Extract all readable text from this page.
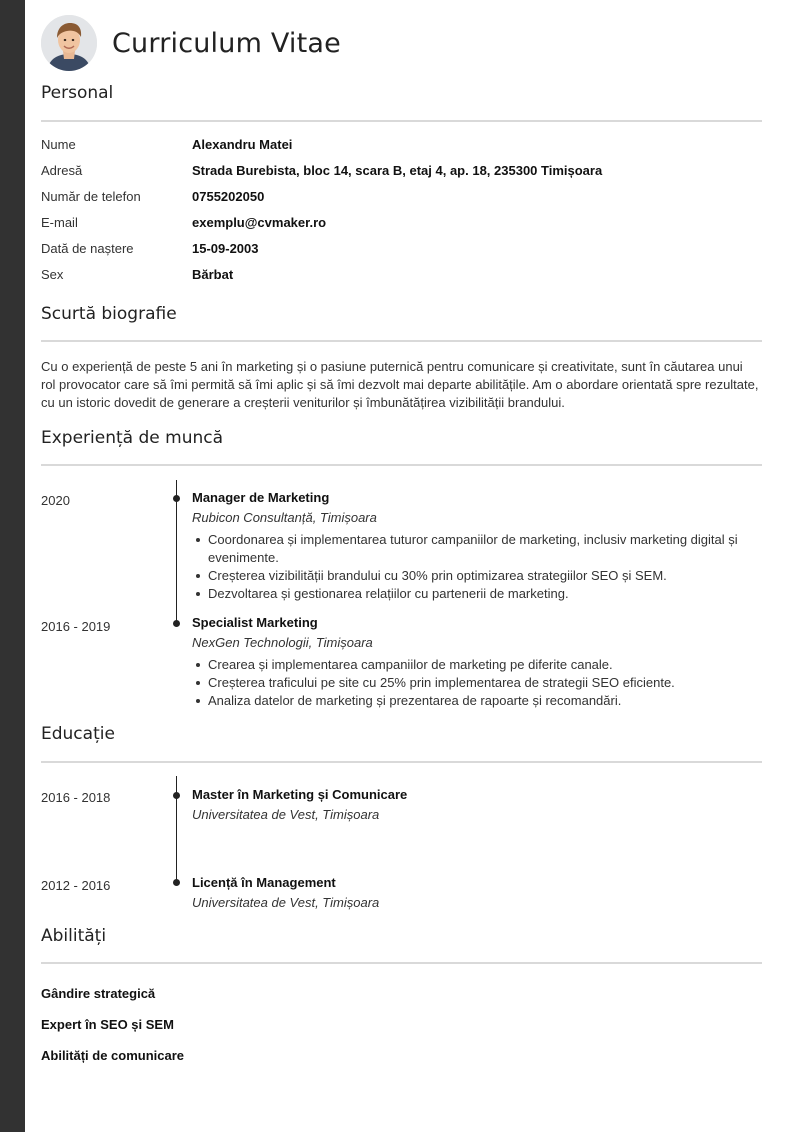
Curriculum Vitae
Personal
Nume	Alexandru Matei
Adresă	Strada Burebista, bloc 14, scara B, etaj 4, ap. 18, 235300 Timișoara
Număr de telefon	0755202050
E-mail	exemplu@cvmaker.ro
Dată de naștere	15-09-2003
Sex	Bărbat
Scurtă biografie
Cu o experiență de peste 5 ani în marketing și o pasiune puternică pentru comunicare și creativitate, sunt în căutarea unui rol provocator care să îmi permită să îmi aplic și să îmi dezvolt mai departe abilitățile. Am o abordare orientată spre rezultate, cu un istoric dovedit de generare a creșterii veniturilor și îmbunătățirea vizibilității brandului.
Experiență de muncă
2020	Manager de Marketing
Rubicon Consultanță, Timișoara
Coordonarea și implementarea tuturor campaniilor de marketing, inclusiv marketing digital și evenimente.
Creșterea vizibilității brandului cu 30% prin optimizarea strategiilor SEO și SEM.
Dezvoltarea și gestionarea relațiilor cu partenerii de marketing.
2016 - 2019	Specialist Marketing
NexGen Technologii, Timișoara
Crearea și implementarea campaniilor de marketing pe diferite canale.
Creșterea traficului pe site cu 25% prin implementarea de strategii SEO eficiente.
Analiza datelor de marketing și prezentarea de rapoarte și recomandări.
Educație
2016 - 2018	Master în Marketing și Comunicare
Universitatea de Vest, Timișoara
2012 - 2016	Licență în Management
Universitatea de Vest, Timișoara
Abilități
Gândire strategică
Expert în SEO și SEM
Abilități de comunicare
